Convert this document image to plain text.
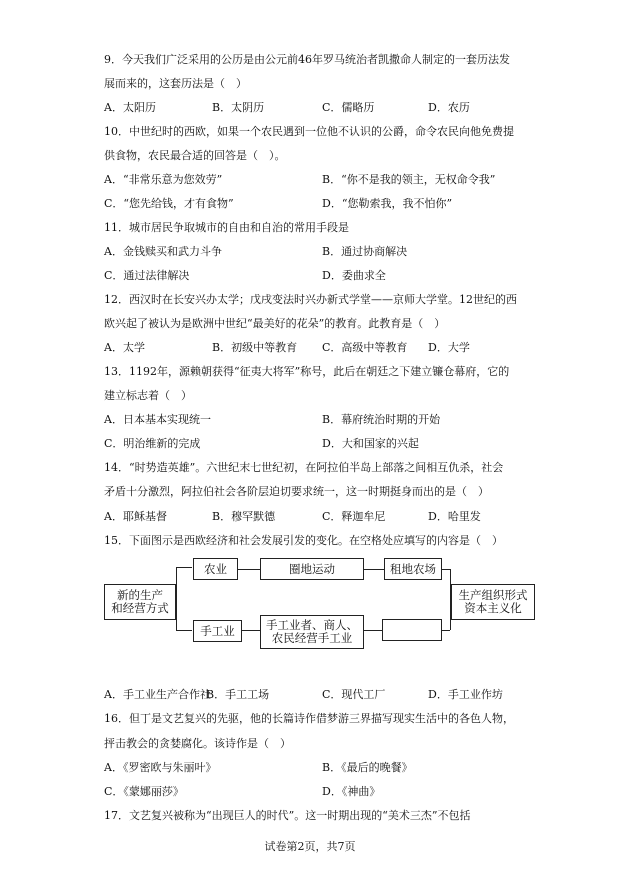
9．今天我们广泛采用的公历是由公元前46年罗马统治者凯撒命人制定的一套历法发
展而来的，这套历法是（　）
A．太阳历	B．太阴历	C．儒略历	D．农历
10．中世纪时的西欧，如果一个农民遇到一位他不认识的公爵，命令农民向他免费提
供食物，农民最合适的回答是（　）。
A．“非常乐意为您效劳”	B．“你不是我的领主，无权命令我”
C．“您先给钱，才有食物”	D．“您勒索我，我不怕你”
11．城市居民争取城市的自由和自治的常用手段是
A．金钱赎买和武力斗争	B．通过协商解决
C．通过法律解决	D．委曲求全
12．西汉时在长安兴办太学；戊戌变法时兴办新式学堂——京师大学堂。12世纪的西
欧兴起了被认为是欧洲中世纪“最美好的花朵”的教育。此教育是（　）
A．太学	B．初级中等教育 C．高级中等教育 D．大学
13．1192年，源赖朝获得“征夷大将军”称号，此后在朝廷之下建立镰仓幕府，它的
建立标志着（　）
A．日本基本实现统一	B．幕府统治时期的开始
C．明治维新的完成	D．大和国家的兴起
14．“时势造英雄”。六世纪末七世纪初，在阿拉伯半岛上部落之间相互仇杀，社会
矛盾十分激烈，阿拉伯社会各阶层迫切要求统一，这一时期挺身而出的是（　）
A．耶稣基督	B．穆罕默德	C．释迦牟尼	D．哈里发
15．下面图示是西欧经济和社会发展引发的变化。在空格处应填写的内容是（　）
新的生产
和经营方式
农业	圈地运动	租地农场
手工业	手工业者、商人、
农民经营手工业
生产组织形式
资本主义化
A．手工业生产合作社
B．手工工场	C．现代工厂	D．手工业作坊
16．但丁是文艺复兴的先驱，他的长篇诗作借梦游三界描写现实生活中的各色人物，
抨击教会的贪婪腐化。该诗作是（　）
A．《罗密欧与朱丽叶》	B．《最后的晚餐》
C．《蒙娜丽莎》	D．《神曲》
17．文艺复兴被称为“出现巨人的时代”。这一时期出现的“美术三杰”不包括
试卷第2页，共7页
